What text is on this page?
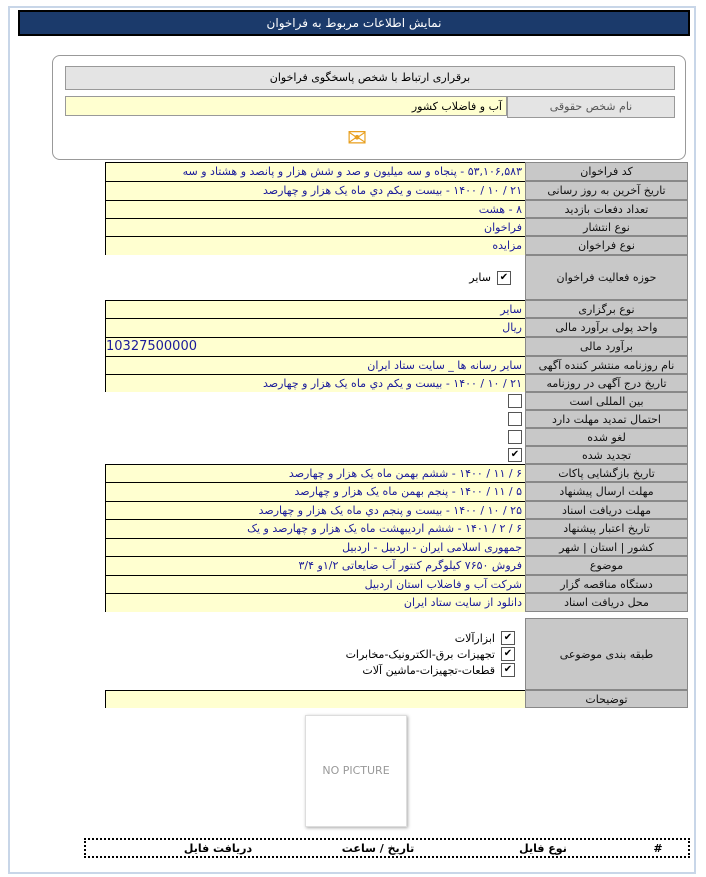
نمایش اطلاعات مربوط به فراخوان
برقراری ارتباط با شخص پاسخگوی فراخوان
نام شخص حقوقی
آب و فاضلاب کشور
✉
کد فراخوان
۵۳,۱۰۶,۵۸۳ - پنجاه و سه میلیون و صد و شش هزار و پانصد و هشتاد و سه
تاریخ آخرین به روز رسانی
۲۱ / ۱۰ / ۱۴۰۰ - بیست و یکم دي ماه یک هزار و چهارصد
تعداد دفعات بازدید
۸ - هشت
نوع انتشار
فراخوان
نوع فراخوان
مزایده
حوزه فعالیت فراخوان
✔
سایر
نوع برگزاری
سایر
واحد پولی برآورد مالی
ریال
برآورد مالی
10327500000
نام روزنامه منتشر کننده آگهی
سایر رسانه ها _ سایت ستاد ایران
تاریخ درج آگهی در روزنامه
۲۱ / ۱۰ / ۱۴۰۰ - بیست و یکم دي ماه یک هزار و چهارصد
بین المللی است
احتمال تمدید مهلت دارد
لغو شده
تجدید شده
✔
تاریخ بازگشایی پاکات
۶ / ۱۱ / ۱۴۰۰ - ششم بهمن ماه یک هزار و چهارصد
مهلت ارسال پیشنهاد
۵ / ۱۱ / ۱۴۰۰ - پنجم بهمن ماه یک هزار و چهارصد
مهلت دریافت اسناد
۲۵ / ۱۰ / ۱۴۰۰ - بیست و پنجم دي ماه یک هزار و چهارصد
تاریخ اعتبار پیشنهاد
۶ / ۲ / ۱۴۰۱ - ششم اردیبهشت ماه یک هزار و چهارصد و یک
کشور | استان | شهر
جمهوری اسلامی ایران - اردبیل - اردبیل
موضوع
فروش ۷۶۵۰ کیلوگرم کنتور آب ضایعاتی ۱/۲و ۳/۴
دستگاه مناقصه گزار
شرکت آب و فاضلاب استان اردبیل
محل دریافت اسناد
دانلود از سایت ستاد ایران
طبقه بندی موضوعی
✔
ابزارآلات
✔
تجهیزات برق-الکترونیک-مخابرات
✔
قطعات-تجهیزات-ماشین آلات
توضیحات
NO PICTURE
#
نوع فایل
تاریخ / ساعت
دریافت فایل
